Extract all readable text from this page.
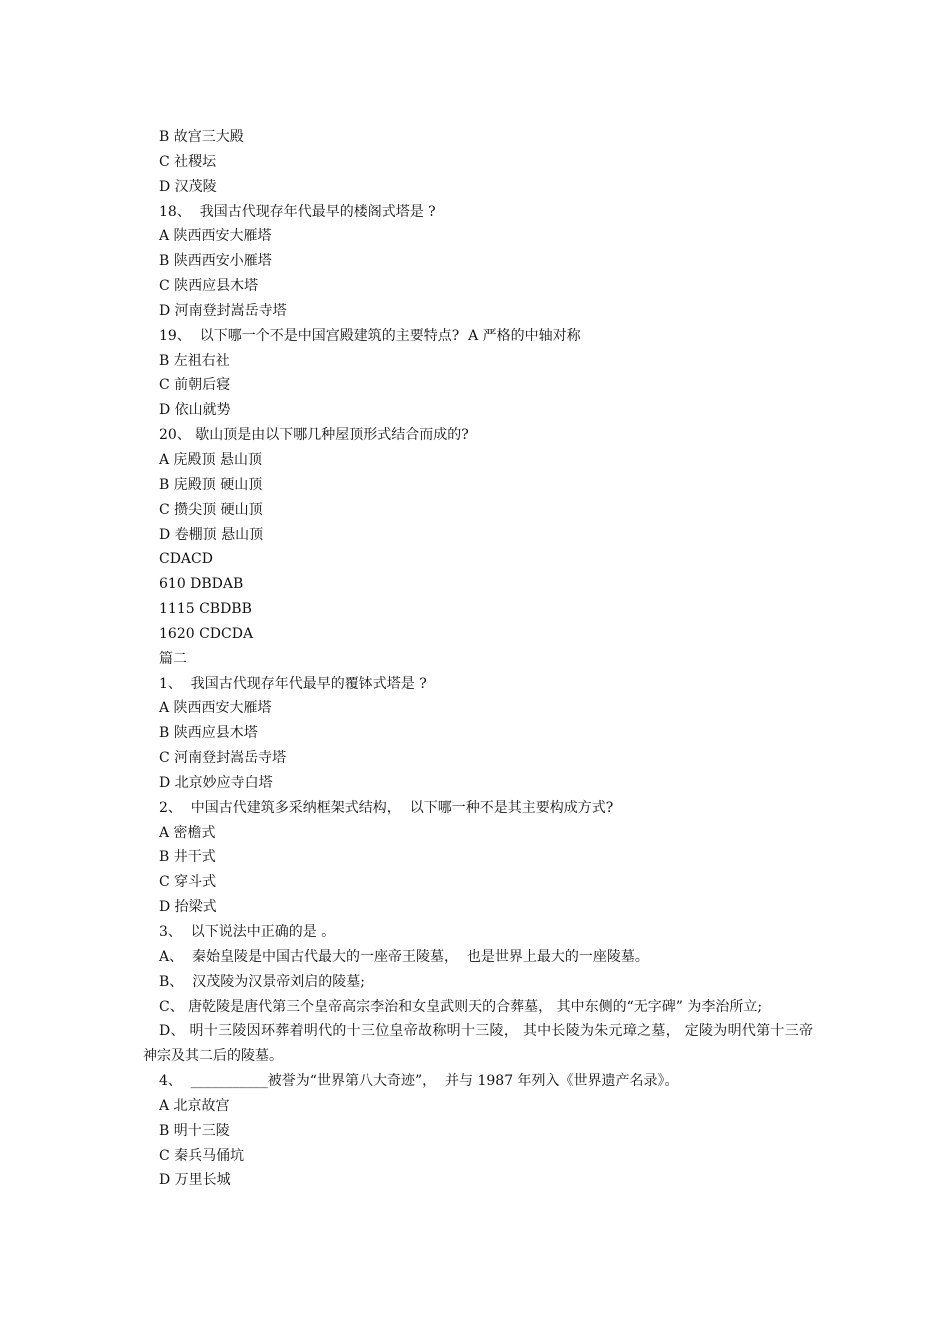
B 故宫三大殿
C 社稷坛
D 汉茂陵
18、  我国古代现存年代最早的楼阁式塔是 ?
A 陕西西安大雁塔
B 陕西西安小雁塔
C 陕西应县木塔
D 河南登封嵩岳寺塔
19、  以下哪一个不是中国宫殿建筑的主要特点?  A 严格的中轴对称
B 左祖右社
C 前朝后寝
D 依山就势
20、 歇山顶是由以下哪几种屋顶形式结合而成的?
A 庑殿顶 悬山顶
B 庑殿顶 硬山顶
C 攒尖顶 硬山顶
D 卷棚顶 悬山顶
CDACD
610 DBDAB
1115 CBDBB
1620 CDCDA
篇二
1、  我国古代现存年代最早的覆钵式塔是 ?
A 陕西西安大雁塔
B 陕西应县木塔
C 河南登封嵩岳寺塔
D 北京妙应寺白塔
2、  中国古代建筑多采纳框架式结构，  以下哪一种不是其主要构成方式?
A 密檐式
B 井干式
C 穿斗式
D 抬梁式
3、  以下说法中正确的是 。
A、  秦始皇陵是中国古代最大的一座帝王陵墓，  也是世界上最大的一座陵墓。
B、  汉茂陵为汉景帝刘启的陵墓;
C、 唐乾陵是唐代第三个皇帝高宗李治和女皇武则天的合葬墓， 其中东侧的“无字碑” 为李治所立;
D、 明十三陵因环葬着明代的十三位皇帝故称明十三陵， 其中长陵为朱元璋之墓， 定陵为明代第十三帝神宗及其二后的陵墓。
4、  ___________被誉为“世界第八大奇迹”，  并与 1987 年列入《世界遗产名录》。
A 北京故宫
B 明十三陵
C 秦兵马俑坑
D 万里长城
